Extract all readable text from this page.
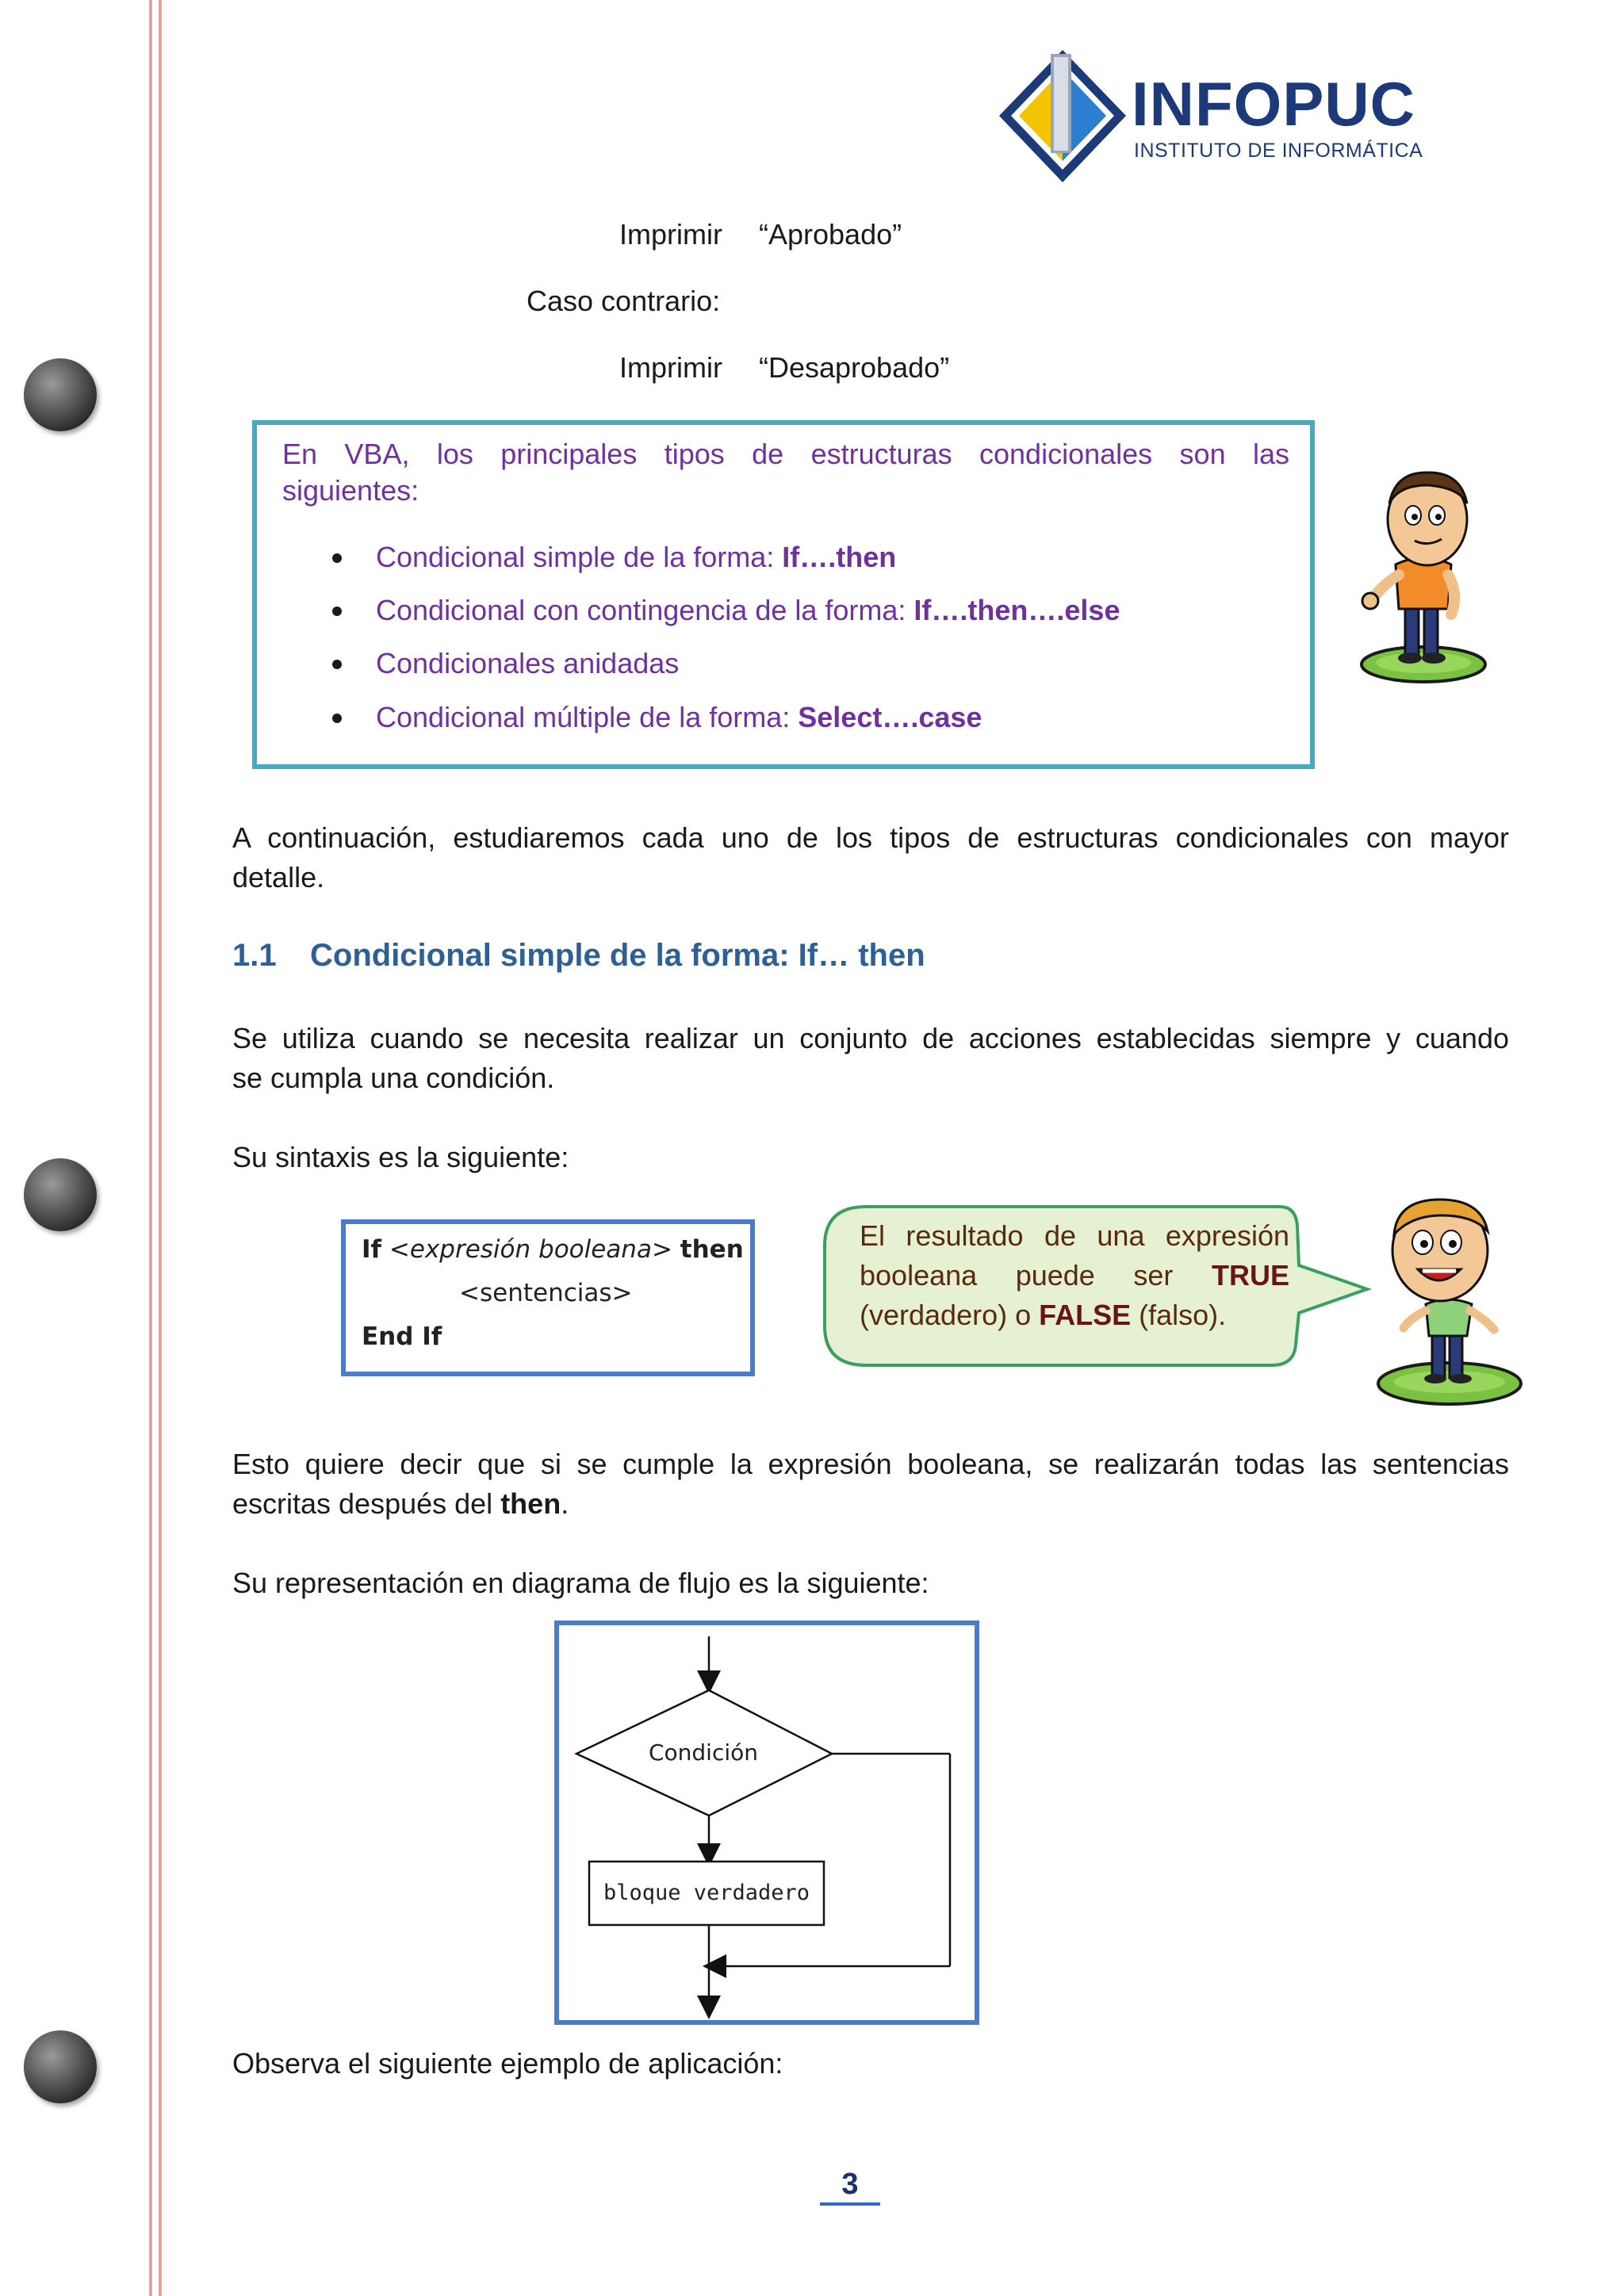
INFOPUC
INSTITUTO DE INFORMÁTICA
Imprimir “Aprobado”
Caso contrario:
Imprimir “Desaprobado”
En VBA, los principales tipos de estructuras condicionales son las
siguientes:
Condicional simple de la forma: If….then
Condicional con contingencia de la forma: If….then….else
Condicionales anidadas
Condicional múltiple de la forma: Select….case
A continuación, estudiaremos cada uno de los tipos de estructuras condicionales con mayor
detalle.
1.1 Condicional simple de la forma: If… then
Se utiliza cuando se necesita realizar un conjunto de acciones establecidas siempre y cuando
se cumpla una condición.
Su sintaxis es la siguiente:
If <expresión booleana> then
<sentencias>
End If
El resultado de una expresión
booleana puede ser TRUE
(verdadero) o FALSE (falso).
Esto quiere decir que si se cumple la expresión booleana, se realizarán todas las sentencias
escritas después del then.
Su representación en diagrama de flujo es la siguiente:
Condición
bloque verdadero
Observa el siguiente ejemplo de aplicación:
3
